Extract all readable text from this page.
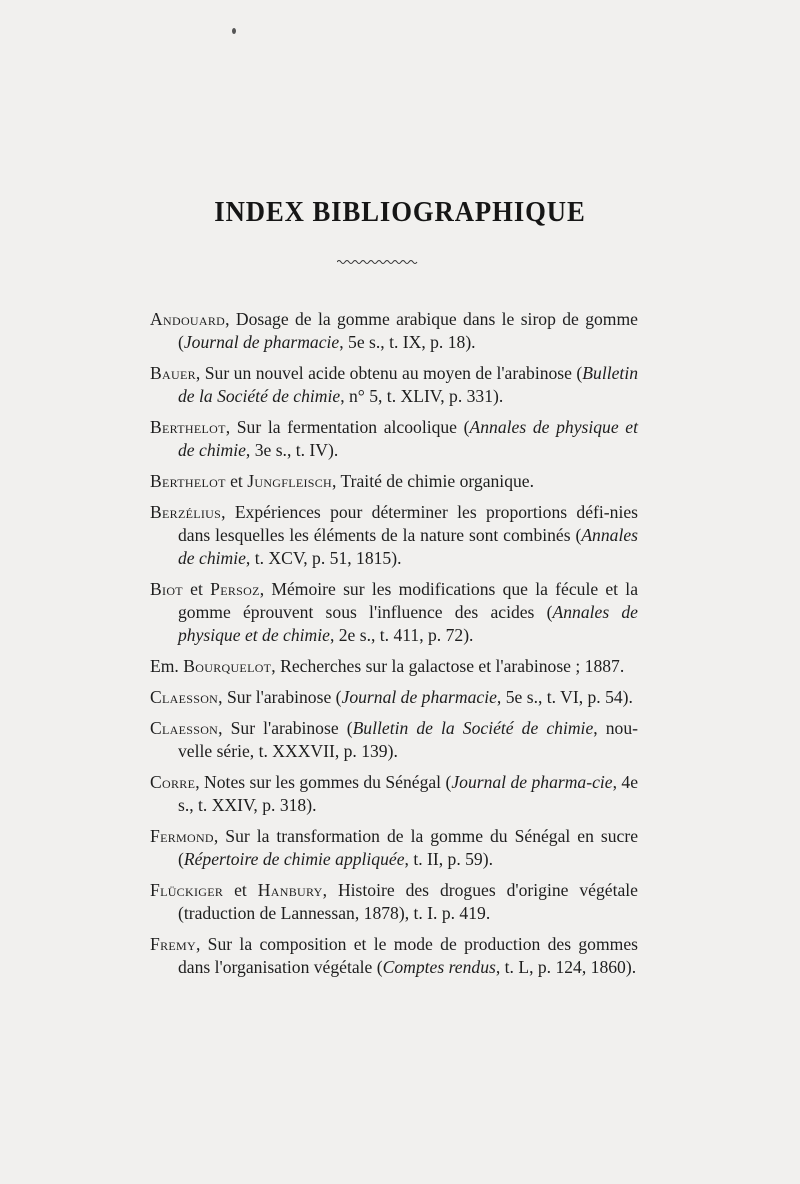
INDEX BIBLIOGRAPHIQUE
Andouard, Dosage de la gomme arabique dans le sirop de gomme (Journal de pharmacie, 5e s., t. IX, p. 18).
Bauer, Sur un nouvel acide obtenu au moyen de l'arabinose (Bulletin de la Société de chimie, n° 5, t. XLIV, p. 331).
Berthelot, Sur la fermentation alcoolique (Annales de physique et de chimie, 3e s., t. IV).
Berthelot et Jungfleisch, Traité de chimie organique.
Berzélius, Expériences pour déterminer les proportions défi-nies dans lesquelles les éléments de la nature sont combinés (Annales de chimie, t. XCV, p. 51, 1815).
Biot et Persoz, Mémoire sur les modifications que la fécule et la gomme éprouvent sous l'influence des acides (Annales de physique et de chimie, 2e s., t. 411, p. 72).
Em. Bourquelot, Recherches sur la galactose et l'arabinose ; 1887.
Claesson, Sur l'arabinose (Journal de pharmacie, 5e s., t. VI, p. 54).
Claesson, Sur l'arabinose (Bulletin de la Société de chimie, nou-velle série, t. XXXVII, p. 139).
Corre, Notes sur les gommes du Sénégal (Journal de pharma-cie, 4e s., t. XXIV, p. 318).
Fermond, Sur la transformation de la gomme du Sénégal en sucre (Répertoire de chimie appliquée, t. II, p. 59).
Flückiger et Hanbury, Histoire des drogues d'origine végétale (traduction de Lannessan, 1878), t. I. p. 419.
Fremy, Sur la composition et le mode de production des gommes dans l'organisation végétale (Comptes rendus, t. L, p. 124, 1860).
